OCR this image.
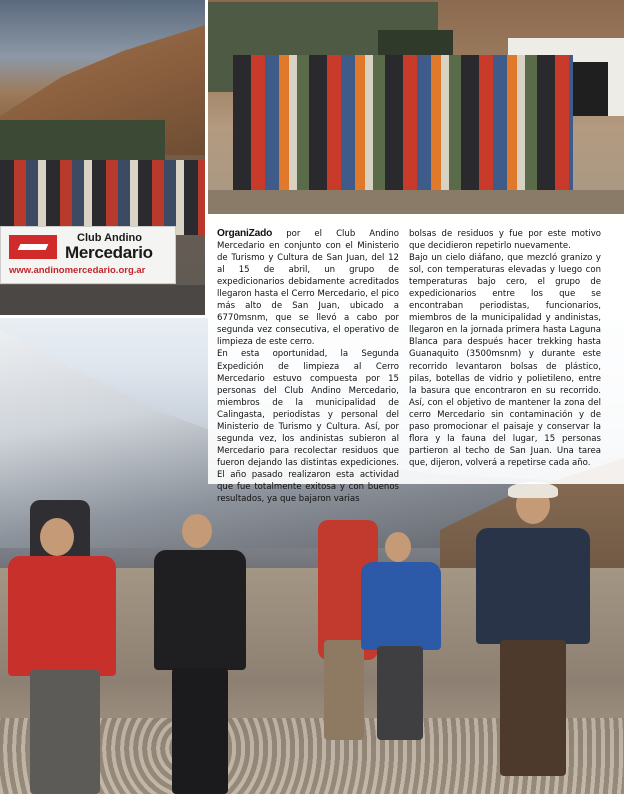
Club Andino
Mercedario
www.andinomercedario.org.ar

OrganiZado por el Club Andino Mercedario en conjunto con el Ministerio de Turismo y Cultura de San Juan, del 12 al 15 de abril, un grupo de expedicionarios debidamente acreditados llegaron hasta el Cerro Mercedario, el pico más alto de San Juan, ubicado a 6770msnm, que se llevó a cabo por segunda vez consecutiva, el operativo de limpieza de este cerro.

En esta oportunidad, la Segunda Expedición de limpieza al Cerro Mercedario estuvo compuesta por 15 personas del Club Andino Mercedario, miembros de la municipalidad de Calingasta, periodistas y personal del Ministerio de Turismo y Cultura. Así, por segunda vez, los andinistas subieron al Mercedario para recolectar residuos que fueron dejando las distintas expediciones. El año pasado realizaron esta actividad que fue totalmente exitosa y con buenos resultados, ya que bajaron varias

bolsas de residuos y fue por este motivo que decidieron repetirlo nuevamente.

Bajo un cielo diáfano, que mezcló granizo y sol, con temperaturas elevadas y luego con temperaturas bajo cero, el grupo de expedicionarios entre los que se encontraban periodistas, funcionarios, miembros de la municipalidad y andinistas, llegaron en la jornada primera hasta Laguna Blanca para después hacer trekking hasta Guanaquito (3500msnm) y durante este recorrido levantaron bolsas de plástico, pilas, botellas de vidrio y polietileno, entre la basura que encontraron en su recorrido. Así, con el objetivo de mantener la zona del cerro Mercedario sin contaminación y de paso promocionar el paisaje y conservar la flora y la fauna del lugar, 15 personas partieron al techo de San Juan. Una tarea que, dijeron, volverá a repetirse cada año.
